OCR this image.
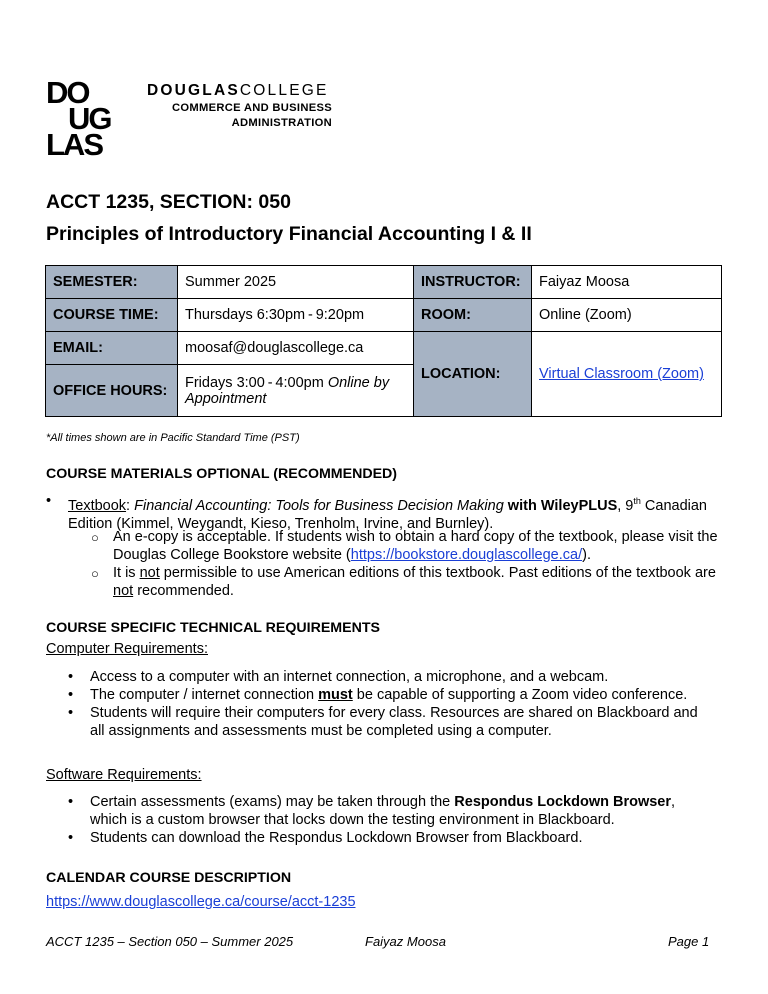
DO
UG
LAS
DOUGLASCOLLEGE
COMMERCE AND BUSINESS
ADMINISTRATION
ACCT 1235, SECTION: 050
Principles of Introductory Financial Accounting I & II
SEMESTER:	Summer 2025	INSTRUCTOR:	Faiyaz Moosa
COURSE TIME:	Thursdays 6:30pm - 9:20pm	ROOM:	Online (Zoom)
EMAIL:	moosaf@douglascollege.ca	LOCATION:	Virtual Classroom (Zoom)
OFFICE HOURS:	Fridays 3:00 - 4:00pm Online by
Appointment		
*All times shown are in Pacific Standard Time (PST)
COURSE MATERIALS OPTIONAL (RECOMMENDED)
• Textbook: Financial Accounting: Tools for Business Decision Making with WileyPLUS, 9th Canadian
Edition (Kimmel, Weygandt, Kieso, Trenholm, Irvine, and Burnley).
○ An e-copy is acceptable. If students wish to obtain a hard copy of the textbook, please visit the
Douglas College Bookstore website (https://bookstore.douglascollege.ca/).
○ It is not permissible to use American editions of this textbook. Past editions of the textbook are
not recommended.
COURSE SPECIFIC TECHNICAL REQUIREMENTS
Computer Requirements:
• Access to a computer with an internet connection, a microphone, and a webcam.
• The computer / internet connection must be capable of supporting a Zoom video conference.
• Students will require their computers for every class. Resources are shared on Blackboard and
all assignments and assessments must be completed using a computer.
Software Requirements:
• Certain assessments (exams) may be taken through the Respondus Lockdown Browser,
which is a custom browser that locks down the testing environment in Blackboard.
• Students can download the Respondus Lockdown Browser from Blackboard.
CALENDAR COURSE DESCRIPTION
https://www.douglascollege.ca/course/acct-1235
ACCT 1235 – Section 050 – Summer 2025	Faiyaz Moosa	Page 1
